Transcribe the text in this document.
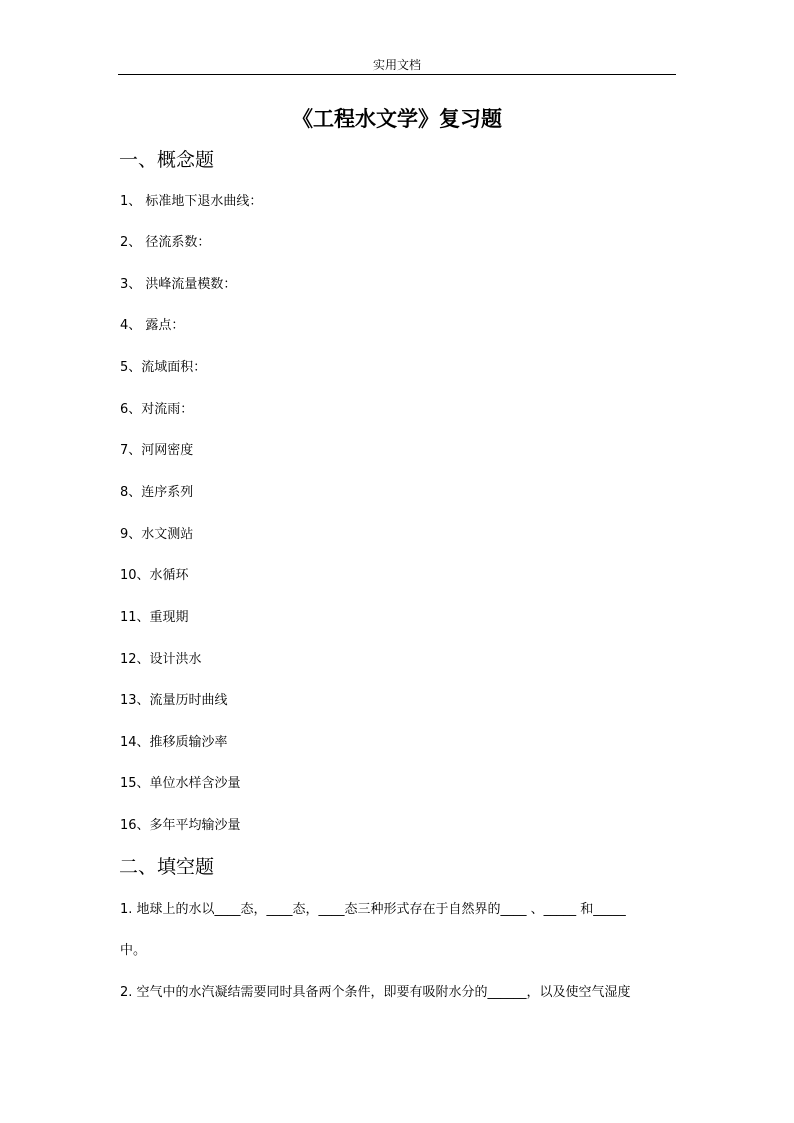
实用文档
《工程水文学》复习题
一、概念题
1、 标准地下退水曲线：
2、 径流系数：
3、 洪峰流量模数：
4、 露点：
5、流域面积：
6、对流雨：
7、河网密度
8、连序系列
9、水文测站
10、水循环
11、重现期
12、设计洪水
13、流量历时曲线
14、推移质输沙率
15、单位水样含沙量
16、多年平均输沙量
二、填空题
1. 地球上的水以____态，____态，____态三种形式存在于自然界的____ 、_____ 和_____
中。
2. 空气中的水汽凝结需要同时具备两个条件，即要有吸附水分的______，以及使空气湿度
